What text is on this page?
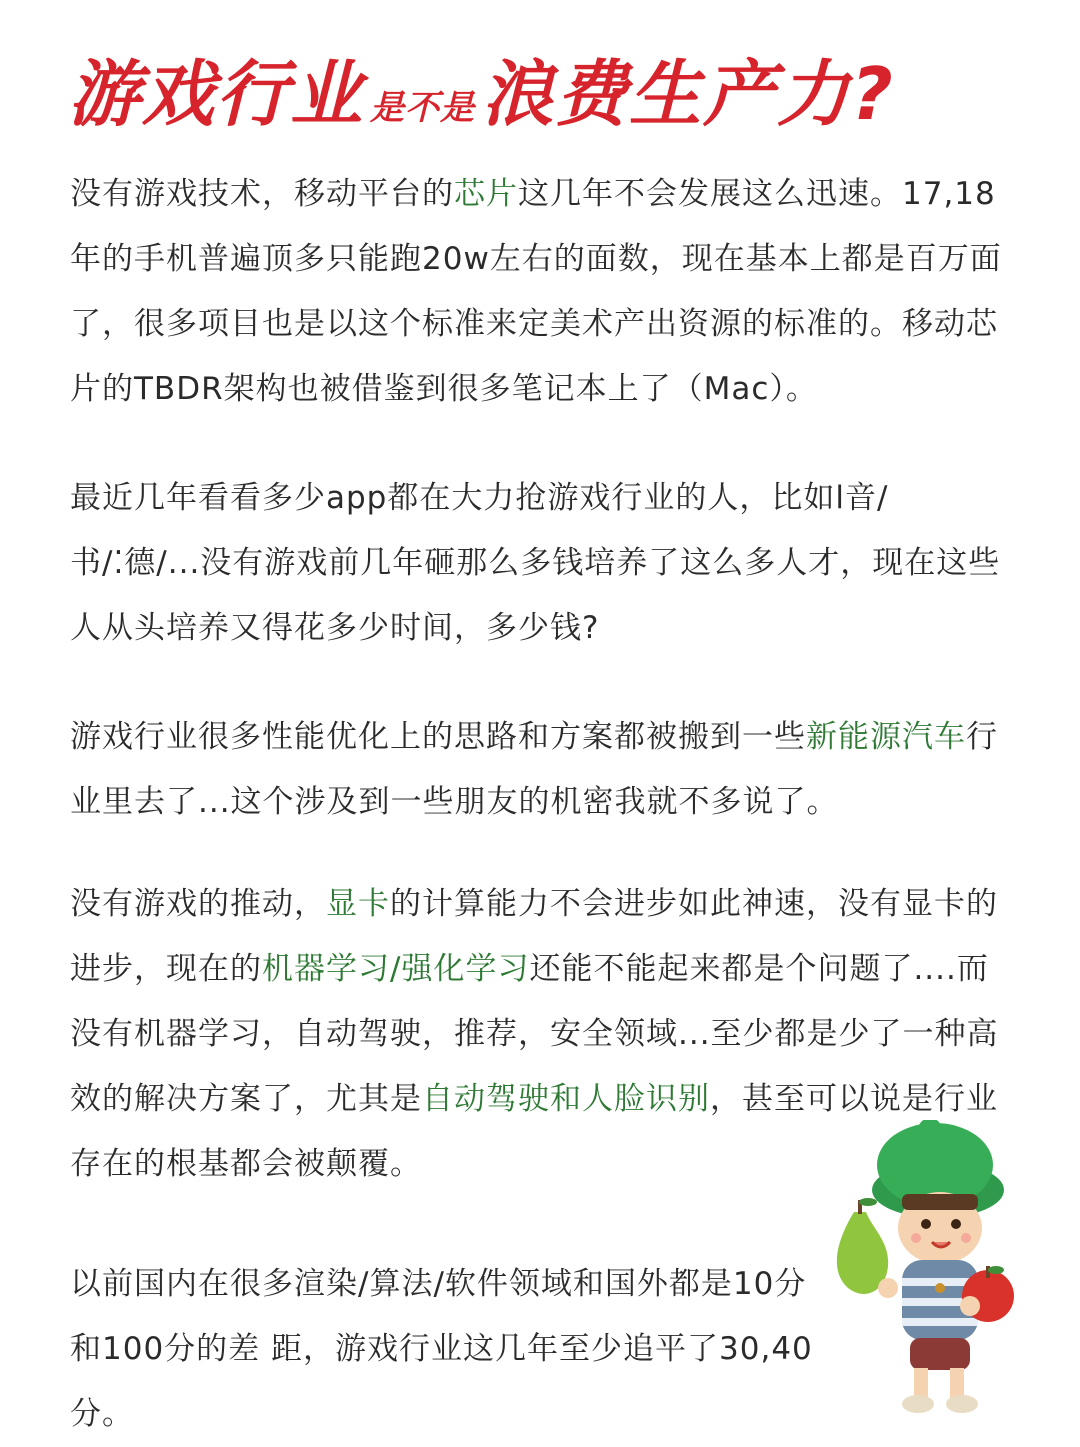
游戏行业 是不是浪费生产力?

没有游戏技术，移动平台的芯片这几年不会发展这么迅速。17,18年的手机普遍顶多只能跑20w左右的面数，现在基本上都是百万面了，很多项目也是以这个标准来定美术产出资源的标准的。移动芯片的TBDR架构也被借鉴到很多笔记本上了（Mac）。

最近几年看看多少app都在大力抢游戏行业的人，比如l音/
书/⁚德/...没有游戏前几年砸那么多钱培养了这么多人才，现在这些人从头培养又得花多少时间，多少钱?

游戏行业很多性能优化上的思路和方案都被搬到一些新能源汽车行业里去了...这个涉及到一些朋友的机密我就不多说了。

没有游戏的推动，显卡的计算能力不会进步如此神速，没有显卡的进步，现在的机器学习/强化学习还能不能起来都是个问题了....而没有机器学习，自动驾驶，推荐，安全领域...至少都是少了一种高效的解决方案了，尤其是自动驾驶和人脸识别，甚至可以说是行业存在的根基都会被颠覆。

以前国内在很多渲染/算法/软件领域和国外都是10分
和100分的差 距，游戏行业这几年至少追平了30,40分。
